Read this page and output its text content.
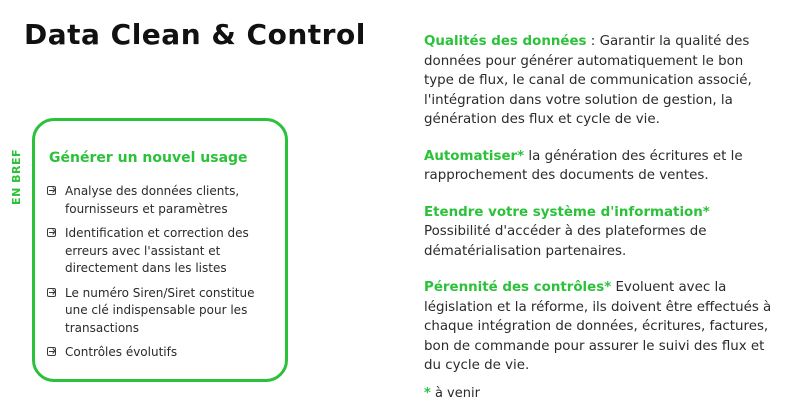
Data Clean & Control
EN BREF Générer un nouvel usage
Analyse des données clients, fournisseurs et paramètres
Identification et correction des erreurs avec l'assistant et directement dans les listes
Le numéro Siren/Siret constitue une clé indispensable pour les transactions
Contrôles évolutifs

Qualités des données : Garantir la qualité des données pour générer automatiquement le bon type de flux, le canal de communication associé, l'intégration dans votre solution de gestion, la génération des flux et cycle de vie.

Automatiser* la génération des écritures et le rapprochement des documents de ventes.

Etendre votre système d'information*
Possibilité d'accéder à des plateformes de dématérialisation partenaires.

Pérennité des contrôles* Evoluent avec la législation et la réforme, ils doivent être effectués à chaque intégration de données, écritures, factures, bon de commande pour assurer le suivi des flux et du cycle de vie.

* à venir
